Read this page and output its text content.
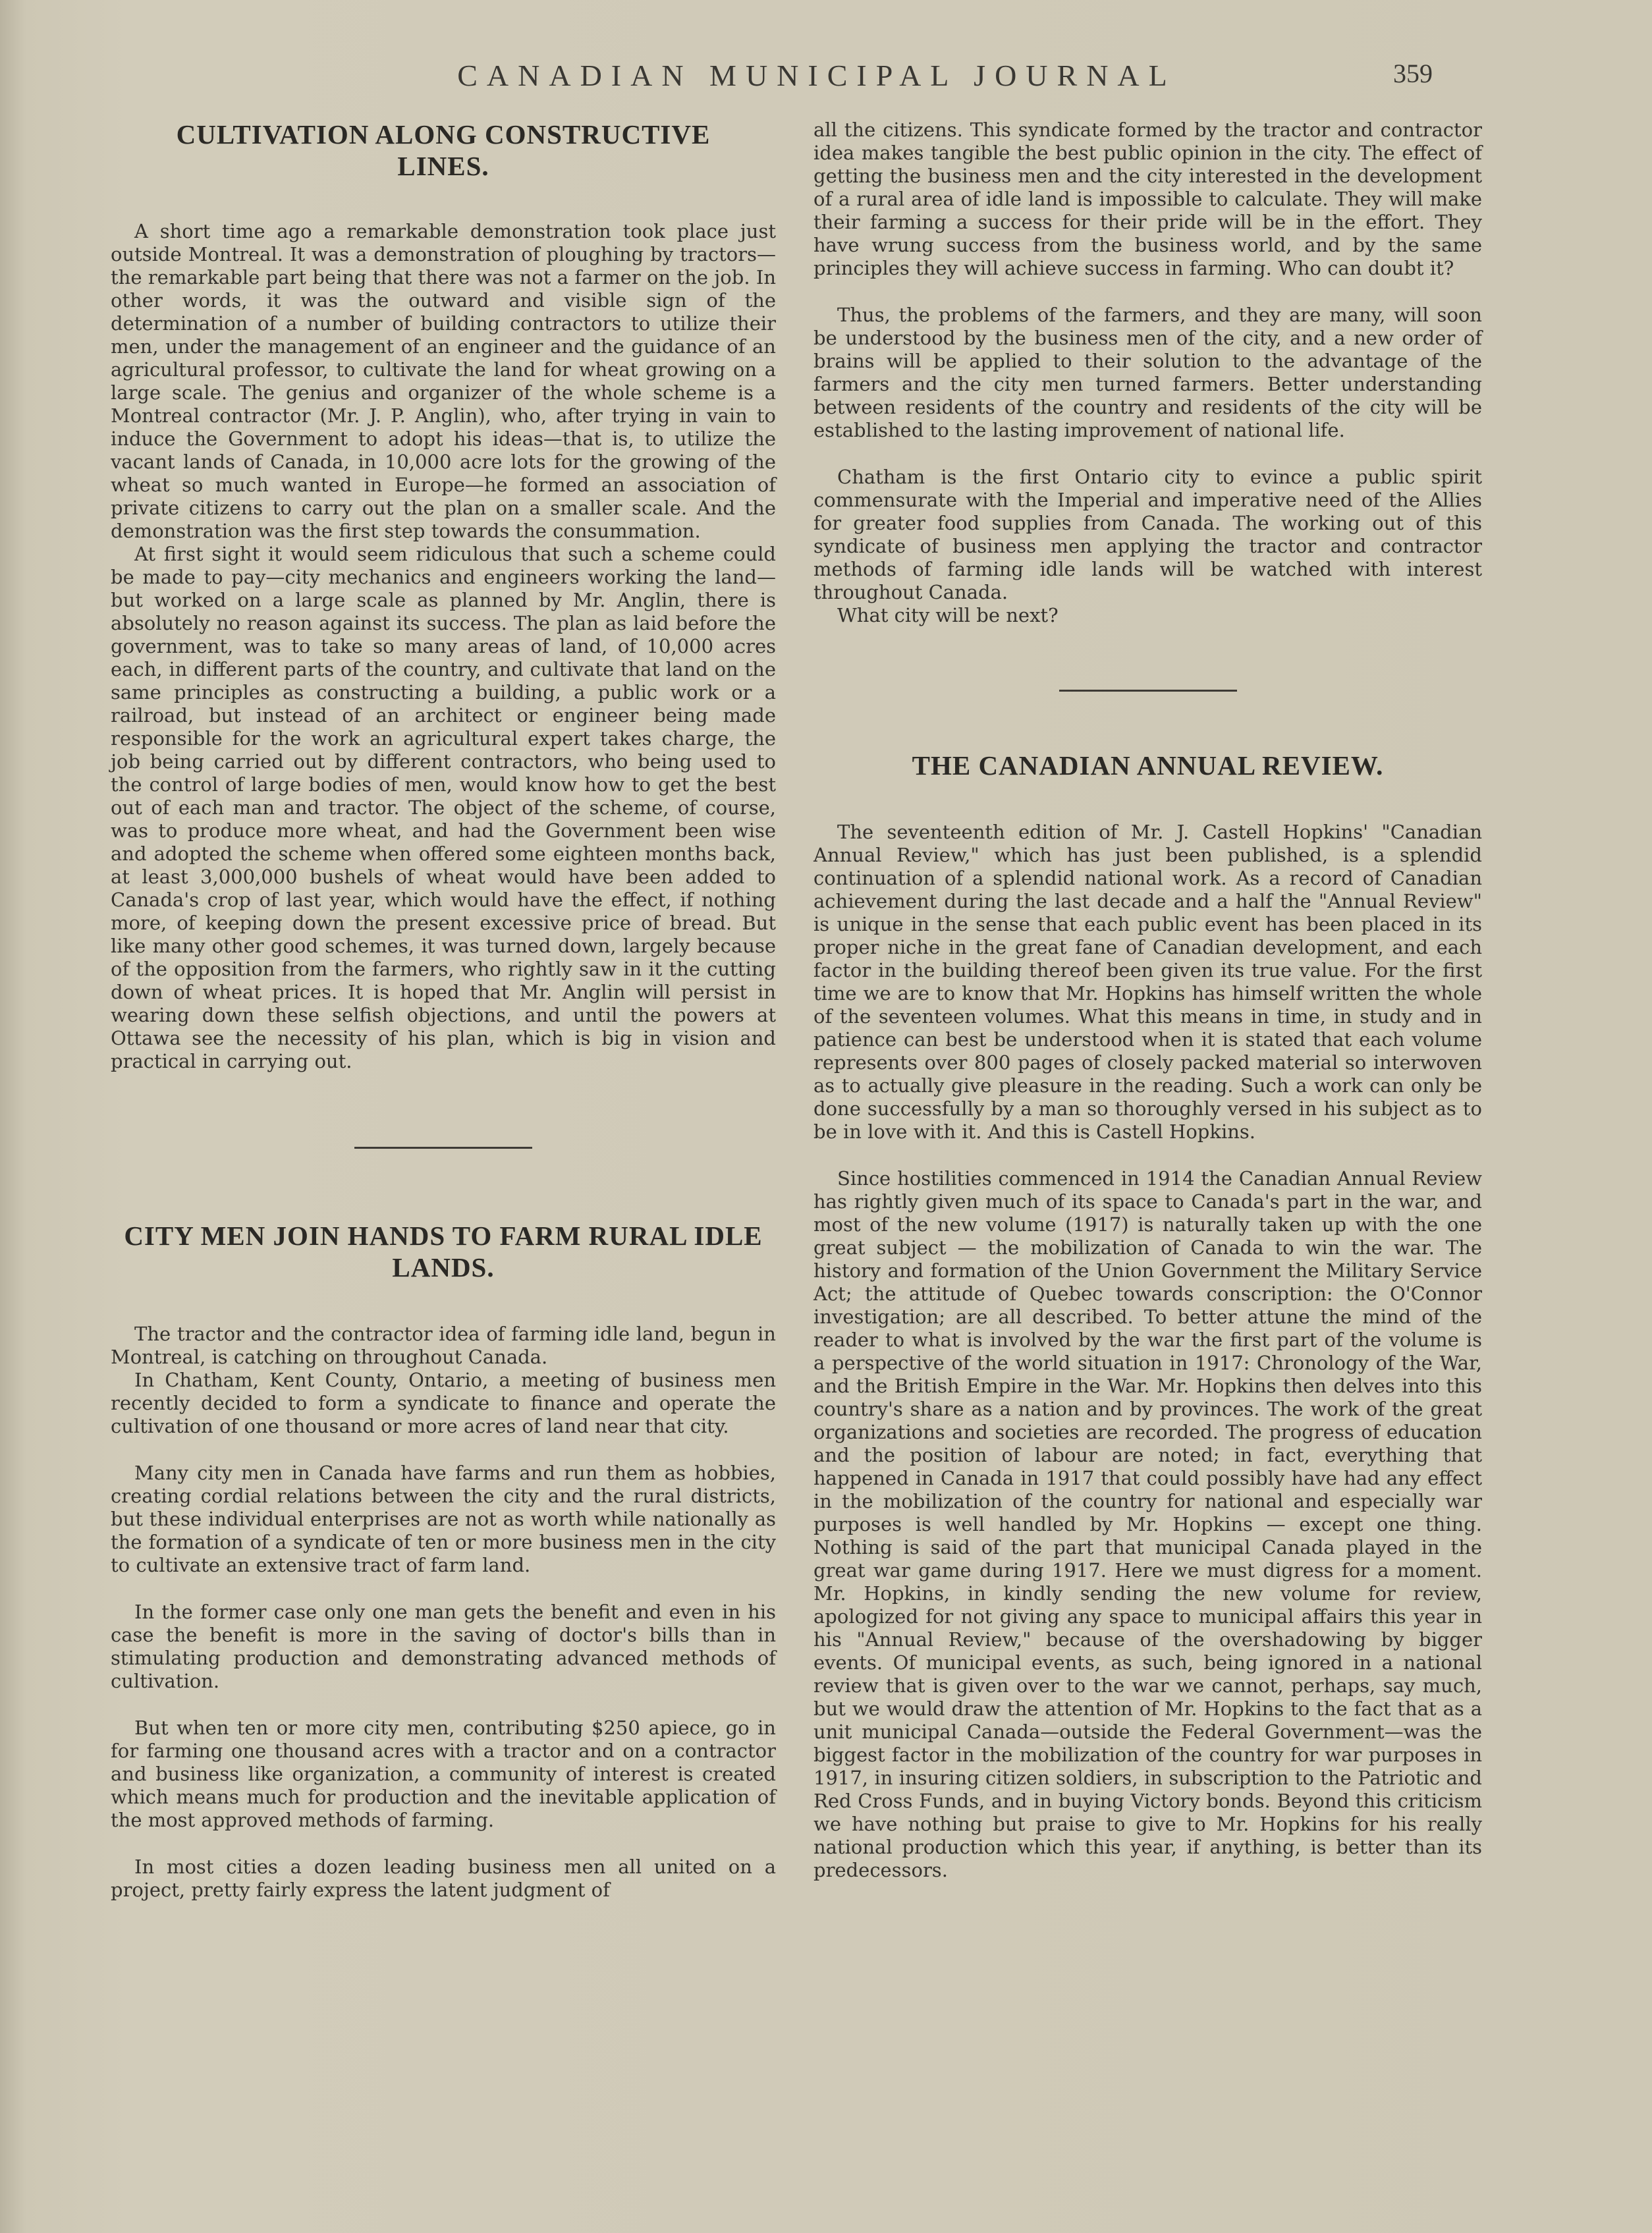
CANADIAN MUNICIPAL JOURNAL	359
CULTIVATION ALONG CONSTRUCTIVE LINES.

A short time ago a remarkable demonstration took place just outside Montreal. It was a demonstration of ploughing by tractors—the remarkable part being that there was not a farmer on the job. In other words, it was the outward and visible sign of the determination of a number of building contractors to utilize their men, under the management of an engineer and the guidance of an agricultural professor, to cultivate the land for wheat growing on a large scale. The genius and organizer of the whole scheme is a Montreal contractor (Mr. J. P. Anglin), who, after trying in vain to induce the Government to adopt his ideas—that is, to utilize the vacant lands of Canada, in 10,000 acre lots for the growing of the wheat so much wanted in Europe—he formed an association of private citizens to carry out the plan on a smaller scale. And the demonstration was the first step towards the consummation.

At first sight it would seem ridiculous that such a scheme could be made to pay—city mechanics and engineers working the land—but worked on a large scale as planned by Mr. Anglin, there is absolutely no reason against its success. The plan as laid before the government, was to take so many areas of land, of 10,000 acres each, in different parts of the country, and cultivate that land on the same principles as constructing a building, a public work or a railroad, but instead of an architect or engineer being made responsible for the work an agricultural expert takes charge, the job being carried out by different contractors, who being used to the control of large bodies of men, would know how to get the best out of each man and tractor. The object of the scheme, of course, was to produce more wheat, and had the Government been wise and adopted the scheme when offered some eighteen months back, at least 3,000,000 bushels of wheat would have been added to Canada's crop of last year, which would have the effect, if nothing more, of keeping down the present excessive price of bread. But like many other good schemes, it was turned down, largely because of the opposition from the farmers, who rightly saw in it the cutting down of wheat prices. It is hoped that Mr. Anglin will persist in wearing down these selfish objections, and until the powers at Ottawa see the necessity of his plan, which is big in vision and practical in carrying out.

CITY MEN JOIN HANDS TO FARM RURAL IDLE LANDS.

The tractor and the contractor idea of farming idle land, begun in Montreal, is catching on throughout Canada.

In Chatham, Kent County, Ontario, a meeting of business men recently decided to form a syndicate to finance and operate the cultivation of one thousand or more acres of land near that city.

Many city men in Canada have farms and run them as hobbies, creating cordial relations between the city and the rural districts, but these individual enterprises are not as worth while nationally as the formation of a syndicate of ten or more business men in the city to cultivate an extensive tract of farm land.

In the former case only one man gets the benefit and even in his case the benefit is more in the saving of doctor's bills than in stimulating production and demonstrating advanced methods of cultivation.

But when ten or more city men, contributing $250 apiece, go in for farming one thousand acres with a tractor and on a contractor and business like organization, a community of interest is created which means much for production and the inevitable application of the most approved methods of farming.

In most cities a dozen leading business men all united on a project, pretty fairly express the latent judgment of

all the citizens. This syndicate formed by the tractor and contractor idea makes tangible the best public opinion in the city. The effect of getting the business men and the city interested in the development of a rural area of idle land is impossible to calculate. They will make their farming a success for their pride will be in the effort. They have wrung success from the business world, and by the same principles they will achieve success in farming. Who can doubt it?

Thus, the problems of the farmers, and they are many, will soon be understood by the business men of the city, and a new order of brains will be applied to their solution to the advantage of the farmers and the city men turned farmers. Better understanding between residents of the country and residents of the city will be established to the lasting improvement of national life.

Chatham is the first Ontario city to evince a public spirit commensurate with the Imperial and imperative need of the Allies for greater food supplies from Canada. The working out of this syndicate of business men applying the tractor and contractor methods of farming idle lands will be watched with interest throughout Canada.

What city will be next?

THE CANADIAN ANNUAL REVIEW.

The seventeenth edition of Mr. J. Castell Hopkins' "Canadian Annual Review," which has just been published, is a splendid continuation of a splendid national work. As a record of Canadian achievement during the last decade and a half the "Annual Review" is unique in the sense that each public event has been placed in its proper niche in the great fane of Canadian development, and each factor in the building thereof been given its true value. For the first time we are to know that Mr. Hopkins has himself written the whole of the seventeen volumes. What this means in time, in study and in patience can best be understood when it is stated that each volume represents over 800 pages of closely packed material so interwoven as to actually give pleasure in the reading. Such a work can only be done successfully by a man so thoroughly versed in his subject as to be in love with it. And this is Castell Hopkins.

Since hostilities commenced in 1914 the Canadian Annual Review has rightly given much of its space to Canada's part in the war, and most of the new volume (1917) is naturally taken up with the one great subject — the mobilization of Canada to win the war. The history and formation of the Union Government the Military Service Act; the attitude of Quebec towards conscription: the O'Connor investigation; are all described. To better attune the mind of the reader to what is involved by the war the first part of the volume is a perspective of the world situation in 1917: Chronology of the War, and the British Empire in the War. Mr. Hopkins then delves into this country's share as a nation and by provinces. The work of the great organizations and societies are recorded. The progress of education and the position of labour are noted; in fact, everything that happened in Canada in 1917 that could possibly have had any effect in the mobilization of the country for national and especially war purposes is well handled by Mr. Hopkins — except one thing. Nothing is said of the part that municipal Canada played in the great war game during 1917. Here we must digress for a moment. Mr. Hopkins, in kindly sending the new volume for review, apologized for not giving any space to municipal affairs this year in his "Annual Review," because of the overshadowing by bigger events. Of municipal events, as such, being ignored in a national review that is given over to the war we cannot, perhaps, say much, but we would draw the attention of Mr. Hopkins to the fact that as a unit municipal Canada—outside the Federal Government—was the biggest factor in the mobilization of the country for war purposes in 1917, in insuring citizen soldiers, in subscription to the Patriotic and Red Cross Funds, and in buying Victory bonds. Beyond this criticism we have nothing but praise to give to Mr. Hopkins for his really national production which this year, if anything, is better than its predecessors.
